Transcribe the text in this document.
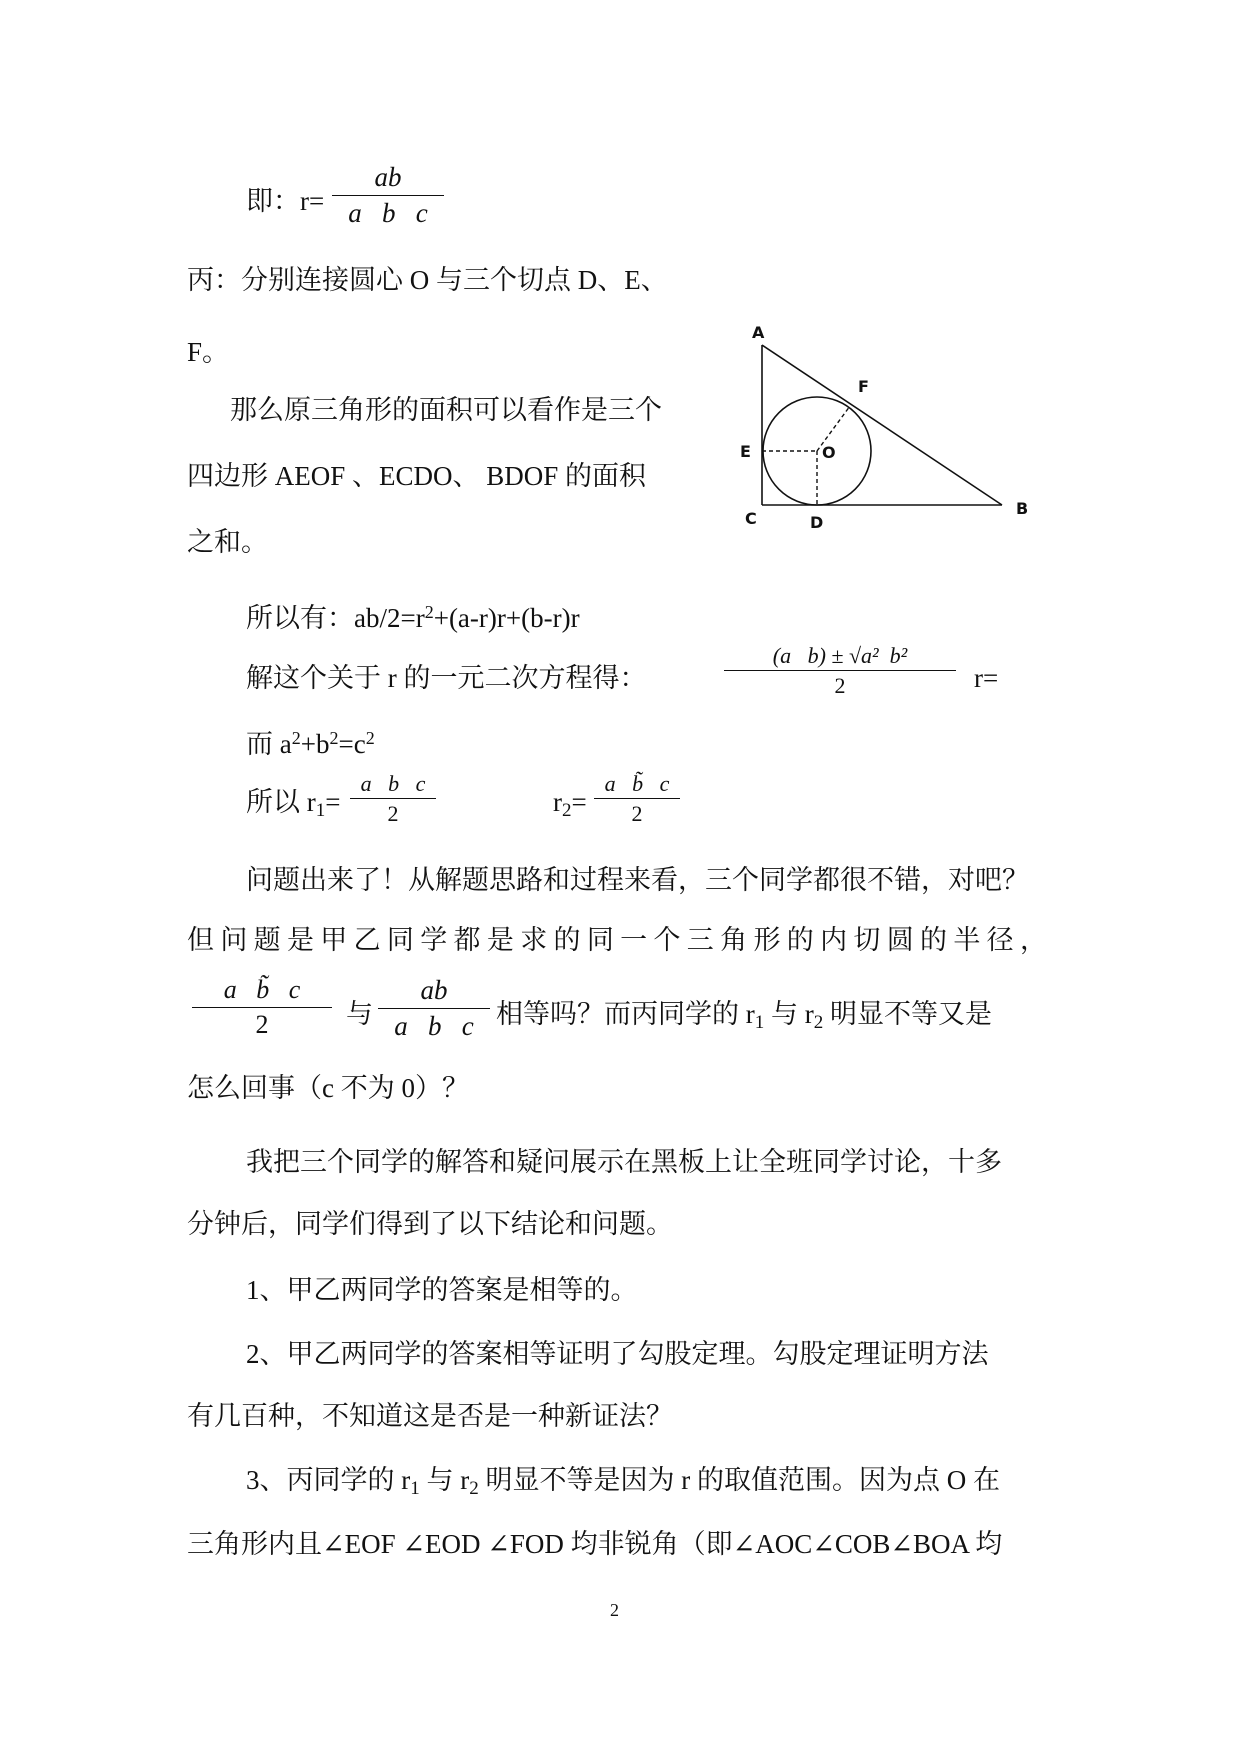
即：r=
ab
a   b   c
丙：分别连接圆心 O 与三个切点 D、E、
F。
那么原三角形的面积可以看作是三个
四边形 AEOF 、ECDO、 BDOF 的面积
之和。
A
F
E	O
C	D
B
所以有：$ab/2=r^2+(a-r)r+(b-r)r$
解这个关于 r 的一元二次方程得：
(a   b) ± √a²  b²
2	r=
而 $a^2+b^2=c^2$
所以 $r_1=$
a   b   c
2	$r_2=$
a   b̃   c
2
问题出来了！从解题思路和过程来看，三个同学都很不错，对吧？
但问题是甲乙同学都是求的同一个三角形的内切圆的半径，
a   b̃   c
2	与
ab
a   b   c 相等吗？而丙同学的 $r_1$ 与 $r_2$ 明显不等又是
怎么回事（c 不为 0）？
我把三个同学的解答和疑问展示在黑板上让全班同学讨论，十多
分钟后，同学们得到了以下结论和问题。
1、甲乙两同学的答案是相等的。
2、甲乙两同学的答案相等证明了勾股定理。勾股定理证明方法
有几百种，不知道这是否是一种新证法？
3、丙同学的 $r_1$ 与 $r_2$ 明显不等是因为 r 的取值范围。因为点 O 在
三角形内且∠EOF ∠EOD ∠FOD 均非锐角（即∠AOC∠COB∠BOA 均
2
